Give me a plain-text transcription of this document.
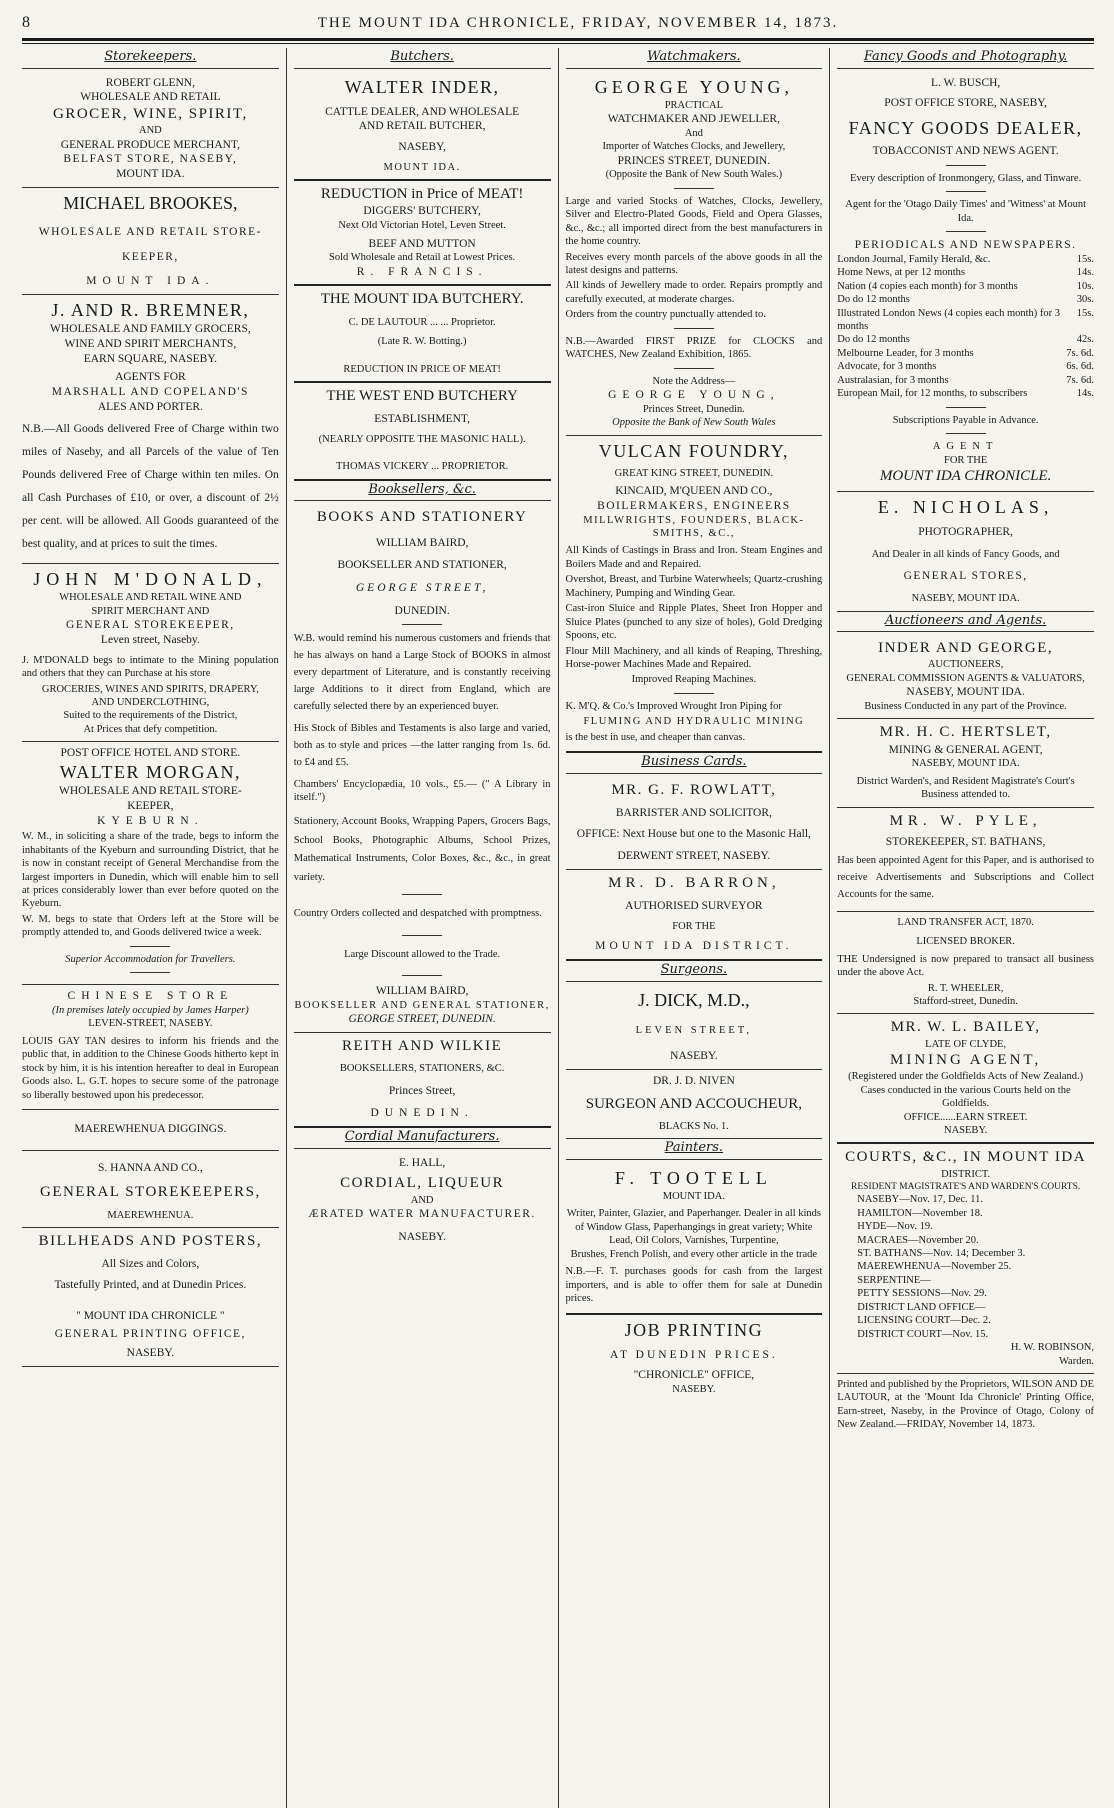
8	THE MOUNT IDA CHRONICLE, FRIDAY, NOVEMBER 14, 1873.
Storekeepers.
ROBERT GLENN,
WHOLESALE AND RETAIL
GROCER, WINE, SPIRIT,
AND
GENERAL PRODUCE MERCHANT,
BELFAST STORE, NASEBY,
MOUNT IDA.
MICHAEL BROOKES,
WHOLESALE AND RETAIL STORE-
KEEPER,
MOUNT IDA.
J. AND R. BREMNER,
WHOLESALE AND FAMILY GROCERS,
WINE AND SPIRIT MERCHANTS,
EARN SQUARE, NASEBY.
AGENTS FOR
MARSHALL AND COPELAND'S
ALES AND PORTER.
N.B.—All Goods delivered Free of Charge within two miles of Naseby, and all Parcels of the value of Ten Pounds delivered Free of Charge within ten miles. On all Cash Purchases of £10, or over, a discount of 2½ per cent. will be allowed. All Goods guaranteed of the best quality, and at prices to suit the times.
JOHN M'DONALD,
WHOLESALE AND RETAIL WINE AND
SPIRIT MERCHANT AND
GENERAL STOREKEEPER,
Leven street, Naseby.
J. M'DONALD begs to intimate to the Mining population and others that they can Purchase at his store
GROCERIES, WINES AND SPIRITS, DRAPERY,
AND UNDERCLOTHING,
Suited to the requirements of the District,
At Prices that defy competition.
POST OFFICE HOTEL AND STORE.
WALTER MORGAN,
WHOLESALE AND RETAIL STORE-
KEEPER,
KYEBURN.
W. M., in soliciting a share of the trade, begs to inform the inhabitants of the Kyeburn and surrounding District, that he is now in constant receipt of General Merchandise from the largest importers in Dunedin, which will enable him to sell at prices considerably lower than ever before quoted on the Kyeburn.
W. M. begs to state that Orders left at the Store will be promptly attended to, and Goods delivered twice a week.
Superior Accommodation for Travellers.
CHINESE STORE
(In premises lately occupied by James Harper)
LEVEN-STREET, NASEBY.
LOUIS GAY TAN desires to inform his friends and the public that, in addition to the Chinese Goods hitherto kept in stock by him, it is his intention hereafter to deal in European Goods also. L. G.T. hopes to secure some of the patronage so liberally bestowed upon his predecessor.
MAEREWHENUA DIGGINGS.
S. HANNA AND CO.,
GENERAL STOREKEEPERS,
MAEREWHENUA.
BILLHEADS AND POSTERS,
All Sizes and Colors,
Tastefully Printed, and at Dunedin Prices.
" MOUNT IDA CHRONICLE "
GENERAL PRINTING OFFICE,
NASEBY.
Butchers.
WALTER INDER,
CATTLE DEALER, AND WHOLESALE
AND RETAIL BUTCHER,
NASEBY,
MOUNT IDA.
REDUCTION in Price of MEAT!
DIGGERS' BUTCHERY,
Next Old Victorian Hotel, Leven Street.
BEEF AND MUTTON
Sold Wholesale and Retail at Lowest Prices.
R. FRANCIS.
THE MOUNT IDA BUTCHERY.
C. DE LAUTOUR ... ... Proprietor.
(Late R. W. Botting.)
REDUCTION IN PRICE OF MEAT!
THE WEST END BUTCHERY
ESTABLISHMENT,
(NEARLY OPPOSITE THE MASONIC HALL).
THOMAS VICKERY ... PROPRIETOR.
Booksellers, &c.
BOOKS AND STATIONERY
WILLIAM BAIRD,
BOOKSELLER AND STATIONER,
GEORGE STREET,
DUNEDIN.
W.B. would remind his numerous customers and friends that he has always on hand a Large Stock of BOOKS in almost every department of Literature, and is constantly receiving large Additions to it direct from England, which are carefully selected there by an experienced buyer.
His Stock of Bibles and Testaments is also large and varied, both as to style and prices —the latter ranging from 1s. 6d. to £4 and £5.
Chambers' Encyclopædia, 10 vols., £5.— (" A Library in itself.")
Stationery, Account Books, Wrapping Papers, Grocers Bags, School Books, Photographic Albums, School Prizes, Mathematical Instruments, Color Boxes, &c., &c., in great variety.
Country Orders collected and despatched with promptness.
Large Discount allowed to the Trade.
WILLIAM BAIRD,
BOOKSELLER AND GENERAL STATIONER,
GEORGE STREET, DUNEDIN.
REITH AND WILKIE
BOOKSELLERS, STATIONERS, &C.
Princes Street,
DUNEDIN.
Cordial Manufacturers.
E. HALL,
CORDIAL, LIQUEUR
AND
ÆRATED WATER MANUFACTURER.
NASEBY.
Watchmakers.
GEORGE YOUNG,
PRACTICAL
WATCHMAKER AND JEWELLER,
And
Importer of Watches Clocks, and Jewellery,
PRINCES STREET, DUNEDIN.
(Opposite the Bank of New South Wales.)
Large and varied Stocks of Watches, Clocks, Jewellery, Silver and Electro-Plated Goods, Field and Opera Glasses, &c., &c.; all imported direct from the best manufacturers in the home country.
Receives every month parcels of the above goods in all the latest designs and patterns.
All kinds of Jewellery made to order. Repairs promptly and carefully executed, at moderate charges.
Orders from the country punctually attended to.
N.B.—Awarded FIRST PRIZE for CLOCKS and WATCHES, New Zealand Exhibition, 1865.
Note the Address—
GEORGE YOUNG,
Princes Street, Dunedin.
Opposite the Bank of New South Wales
VULCAN FOUNDRY,
GREAT KING STREET, DUNEDIN.
KINCAID, M'QUEEN AND CO.,
BOILERMAKERS, ENGINEERS
MILLWRIGHTS, FOUNDERS, BLACK-
SMITHS, &C.,
All Kinds of Castings in Brass and Iron. Steam Engines and Boilers Made and and Repaired.
Overshot, Breast, and Turbine Waterwheels; Quartz-crushing Machinery, Pumping and Winding Gear.
Cast-iron Sluice and Ripple Plates, Sheet Iron Hopper and Sluice Plates (punched to any size of holes), Gold Dredging Spoons, etc.
Flour Mill Machinery, and all kinds of Reaping, Threshing, Horse-power Machines Made and Repaired.
Improved Reaping Machines.
K. M'Q. & Co.'s Improved Wrought Iron Piping for
FLUMING AND HYDRAULIC MINING
is the best in use, and cheaper than canvas.
Business Cards.
MR. G. F. ROWLATT,
BARRISTER AND SOLICITOR,
OFFICE: Next House but one to the Masonic Hall,
DERWENT STREET, NASEBY.
MR. D. BARRON,
AUTHORISED SURVEYOR
FOR THE
MOUNT IDA DISTRICT.
Surgeons.
J. DICK, M.D.,
LEVEN STREET,
NASEBY.
DR. J. D. NIVEN
SURGEON AND ACCOUCHEUR,
BLACKS No. 1.
Painters.
F. TOOTELL
MOUNT IDA.
Writer, Painter, Glazier, and Paperhanger. Dealer in all kinds of Window Glass, Paperhangings in great variety; White Lead, Oil Colors, Varnishes, Turpentine,
Brushes, French Polish, and every other article in the trade
N.B.—F. T. purchases goods for cash from the largest importers, and is able to offer them for sale at Dunedin prices.
JOB PRINTING
AT DUNEDIN PRICES.
"CHRONICLE" OFFICE,
NASEBY.
Fancy Goods and Photography.
L. W. BUSCH,
POST OFFICE STORE, NASEBY,
FANCY GOODS DEALER,
TOBACCONIST AND NEWS AGENT.
Every description of Ironmongery, Glass, and Tinware.
Agent for the 'Otago Daily Times' and 'Witness' at Mount Ida.
PERIODICALS AND NEWSPAPERS.
London Journal, Family Herald, &c.	15s.
Home News, at per 12 months	14s.
Nation (4 copies each month) for 3 months	10s.
Do do 12 months	30s.
Illustrated London News (4 copies each month) for 3 months
15s.
Do do 12 months	42s.
Melbourne Leader, for 3 months	7s. 6d.
Advocate, for 3 months	6s. 6d.
Australasian, for 3 months	7s. 6d.
European Mail, for 12 months, to subscribers	14s.
Subscriptions Payable in Advance.
AGENT
FOR THE
MOUNT IDA CHRONICLE.
E. NICHOLAS,
PHOTOGRAPHER,
And Dealer in all kinds of Fancy Goods, and
GENERAL STORES,
NASEBY, MOUNT IDA.
Auctioneers and Agents.
INDER AND GEORGE,
AUCTIONEERS,
GENERAL COMMISSION AGENTS & VALUATORS,
NASEBY, MOUNT IDA.
Business Conducted in any part of the Province.
MR. H. C. HERTSLET,
MINING & GENERAL AGENT,
NASEBY, MOUNT IDA.
District Warden's, and Resident Magistrate's Court's Business attended to.
MR. W. PYLE,
STOREKEEPER, ST. BATHANS,
Has been appointed Agent for this Paper, and is authorised to receive Advertisements and Subscriptions and Collect Accounts for the same.
LAND TRANSFER ACT, 1870.
LICENSED BROKER.
THE Undersigned is now prepared to transact all business under the above Act.
R. T. WHEELER,
Stafford-street, Dunedin.
MR. W. L. BAILEY,
LATE OF CLYDE,
MINING AGENT,
(Registered under the Goldfields Acts of New Zealand.)
Cases conducted in the various Courts held on the Goldfields.
OFFICE......EARN STREET.
NASEBY.
COURTS, &C., IN MOUNT IDA
DISTRICT.
RESIDENT MAGISTRATE'S AND WARDEN'S COURTS.
NASEBY—Nov. 17, Dec. 11.
HAMILTON—November 18.
HYDE—Nov. 19.
MACRAES—November 20.
ST. BATHANS—Nov. 14; December 3.
MAEREWHENUA—November 25.
SERPENTINE—
PETTY SESSIONS—Nov. 29.
DISTRICT LAND OFFICE—
LICENSING COURT—Dec. 2.
DISTRICT COURT—Nov. 15.
H. W. ROBINSON,
Warden.
Printed and published by the Proprietors, WILSON AND DE LAUTOUR, at the 'Mount Ida Chronicle' Printing Office, Earn-street, Naseby, in the Province of Otago, Colony of New Zealand.—FRIDAY, November 14, 1873.
